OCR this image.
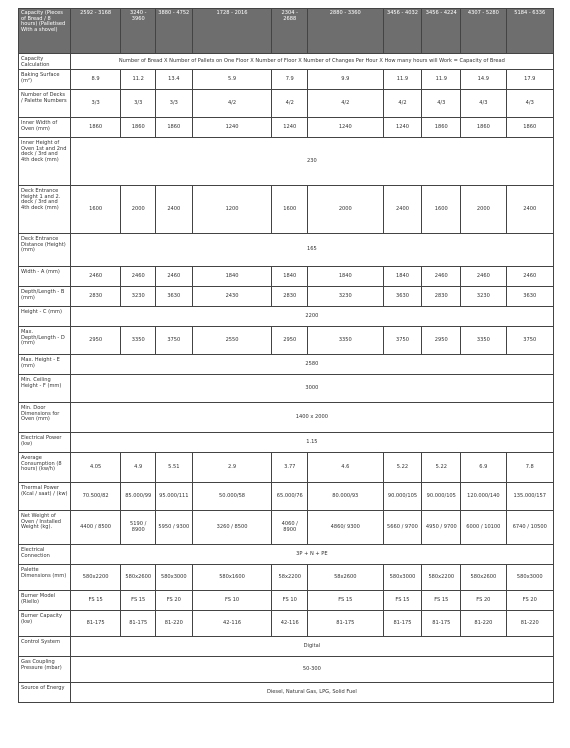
Capacity (Pieces of Bread / 8 hours) (Palletised With a shovel)	2592 - 3168	3240 - 3960	3880 - 4752	1728 - 2016	2304 - 2688	2880 - 3360	3456 - 4032	3456 - 4224	4307 - 5280	5184 - 6336
Capacity Calculation	Number of Bread X Number of Pallets on One Floor X Number of Floor X Number of Changes Per Hour X How many hours will Work = Capacity of Bread									
Baking Surface (m²)	8.9	11.2	13.4	5.9	7.9	9.9	11.9	11.9	14.9	17.9
Number of Decks / Palette Numbers	3/3	3/3	3/3	4/2	4/2	4/2	4/2	4/3	4/3	4/3
Inner Width of Oven (mm)	1860	1860	1860	1240	1240	1240	1240	1860	1860	1860
Inner Height of Oven 1st and 2nd deck / 3rd and 4th deck (mm)	230									
Deck Entrance Height 1 and 2. deck / 3rd and 4th deck (mm)	1600	2000	2400	1200	1600	2000	2400	1600	2000	2400
Deck Entrance Distance (Height)(mm)	165									
Width - A (mm)	2460	2460	2460	1840	1840	1840	1840	2460	2460	2460
Depth/Length - B (mm)	2830	3230	3630	2430	2830	3230	3630	2830	3230	3630
Height - C (mm)	2200									
Max. Depth/Length - D (mm)	2950	3350	3750	2550	2950	3350	3750	2950	3350	3750
Max. Height - E (mm)	2580									
Min. Ceiling Height - F (mm)	3000									
Min. Door Dimensions for Oven (mm)	1400 x 2000									
Electrical Power (kw)	1.15									
Average Consumption (8 hours) (kw/h)	4.05	4.9	5.51	2.9	3.77	4.6	5.22	5.22	6.9	7.8
Thermal Power (Kcal / saat) / (kw)	70.500/82	85.000/99	95.000/111	50.000/58	65.000/76	80.000/93	90.000/105	90.000/105	120.000/140	135.000/157
Net Weight of Oven / Installed Weight (kg).	4400 / 8500	5190 / 8900	5950 / 9300	3260 / 8500	4060 / 8900	4860/ 9300	5660 / 9700	4950 / 9700	6000 / 10100	6740 / 10500
Electrical Connection	3P + N + PE									
Palette Dimensions (mm)	580x2200	580x2600	580x3000	580x1600	58x2200	58x2600	580x3000	580x2200	580x2600	580x3000
Burner Model (Riello)	FS 15	FS 15	FS 20	FS 10	FS 10	FS 15	FS 15	FS 15	FS 20	FS 20
Burner Capacity (kw)	81-175	81-175	81-220	42-116	42-116	81-175	81-175	81-175	81-220	81-220
Control System	Digital									
Gas Coupling Pressure (mbar)	50-300									
Source of Energy	Diesel, Natural Gas, LPG, Solid Fuel									
